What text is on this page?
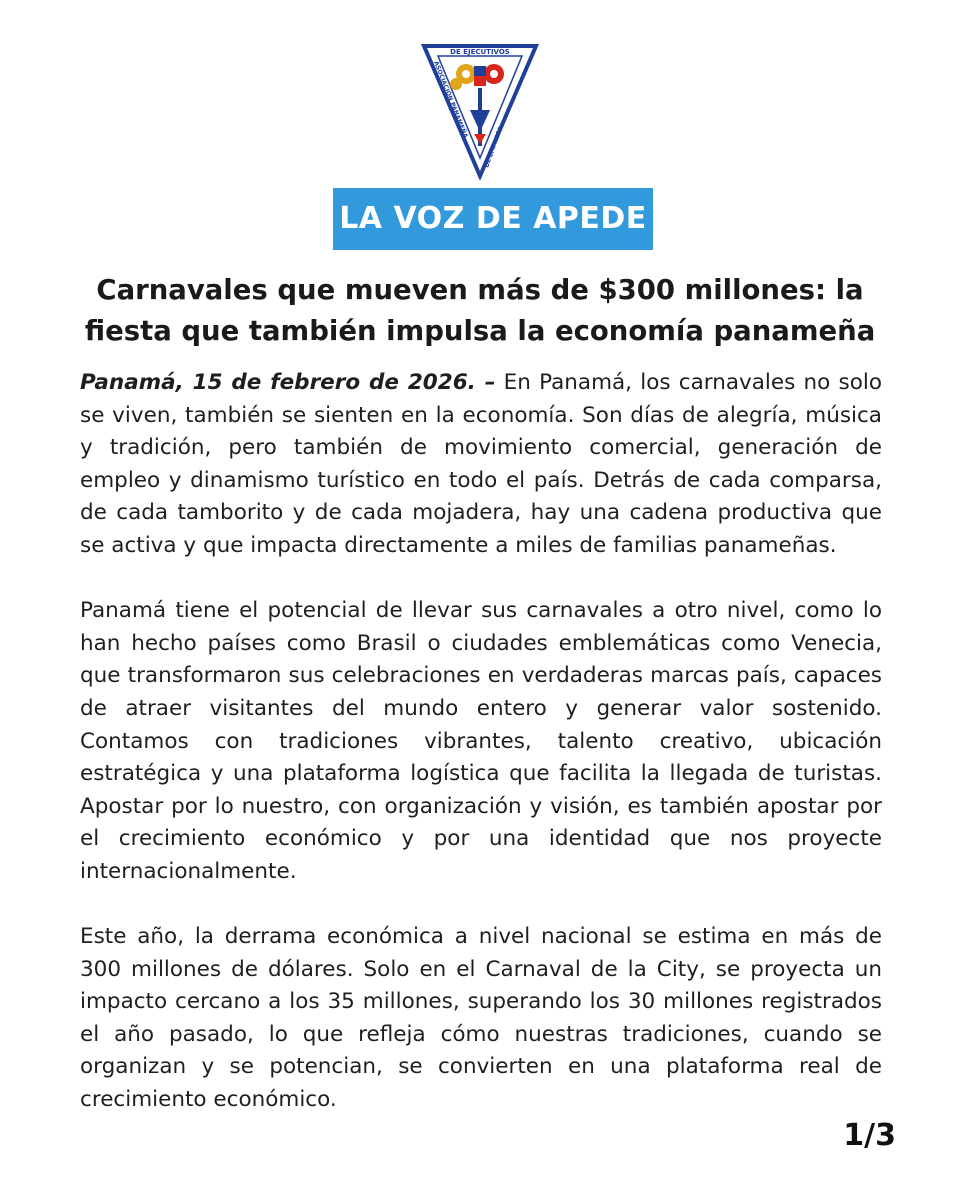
DE EJECUTIVOS
ASOCIACIÓN PANAMEÑA
DE EMPRESA
LA VOZ DE APEDE
Carnavales que mueven más de $300 millones: la
fiesta que también impulsa la economía panameña

Panamá, 15 de febrero de 2026. – En Panamá, los carnavales no solo se viven, también se sienten en la economía. Son días de alegría, música y tradición, pero también de movimiento comercial, generación de empleo y dinamismo turístico en todo el país. Detrás de cada comparsa, de cada tamborito y de cada mojadera, hay una cadena productiva que se activa y que impacta directamente a miles de familias panameñas.

Panamá tiene el potencial de llevar sus carnavales a otro nivel, como lo han hecho países como Brasil o ciudades emblemáticas como Venecia, que transformaron sus celebraciones en verdaderas marcas país, capaces de atraer visitantes del mundo entero y generar valor sostenido. Contamos con tradiciones vibrantes, talento creativo, ubicación estratégica y una plataforma logística que facilita la llegada de turistas. Apostar por lo nuestro, con organización y visión, es también apostar por el crecimiento económico y por una identidad que nos proyecte internacionalmente.

Este año, la derrama económica a nivel nacional se estima en más de 300 millones de dólares. Solo en el Carnaval de la City, se proyecta un impacto cercano a los 35 millones, superando los 30 millones registrados el año pasado, lo que refleja cómo nuestras tradiciones, cuando se organizan y se potencian, se convierten en una plataforma real de crecimiento económico.

1/3
